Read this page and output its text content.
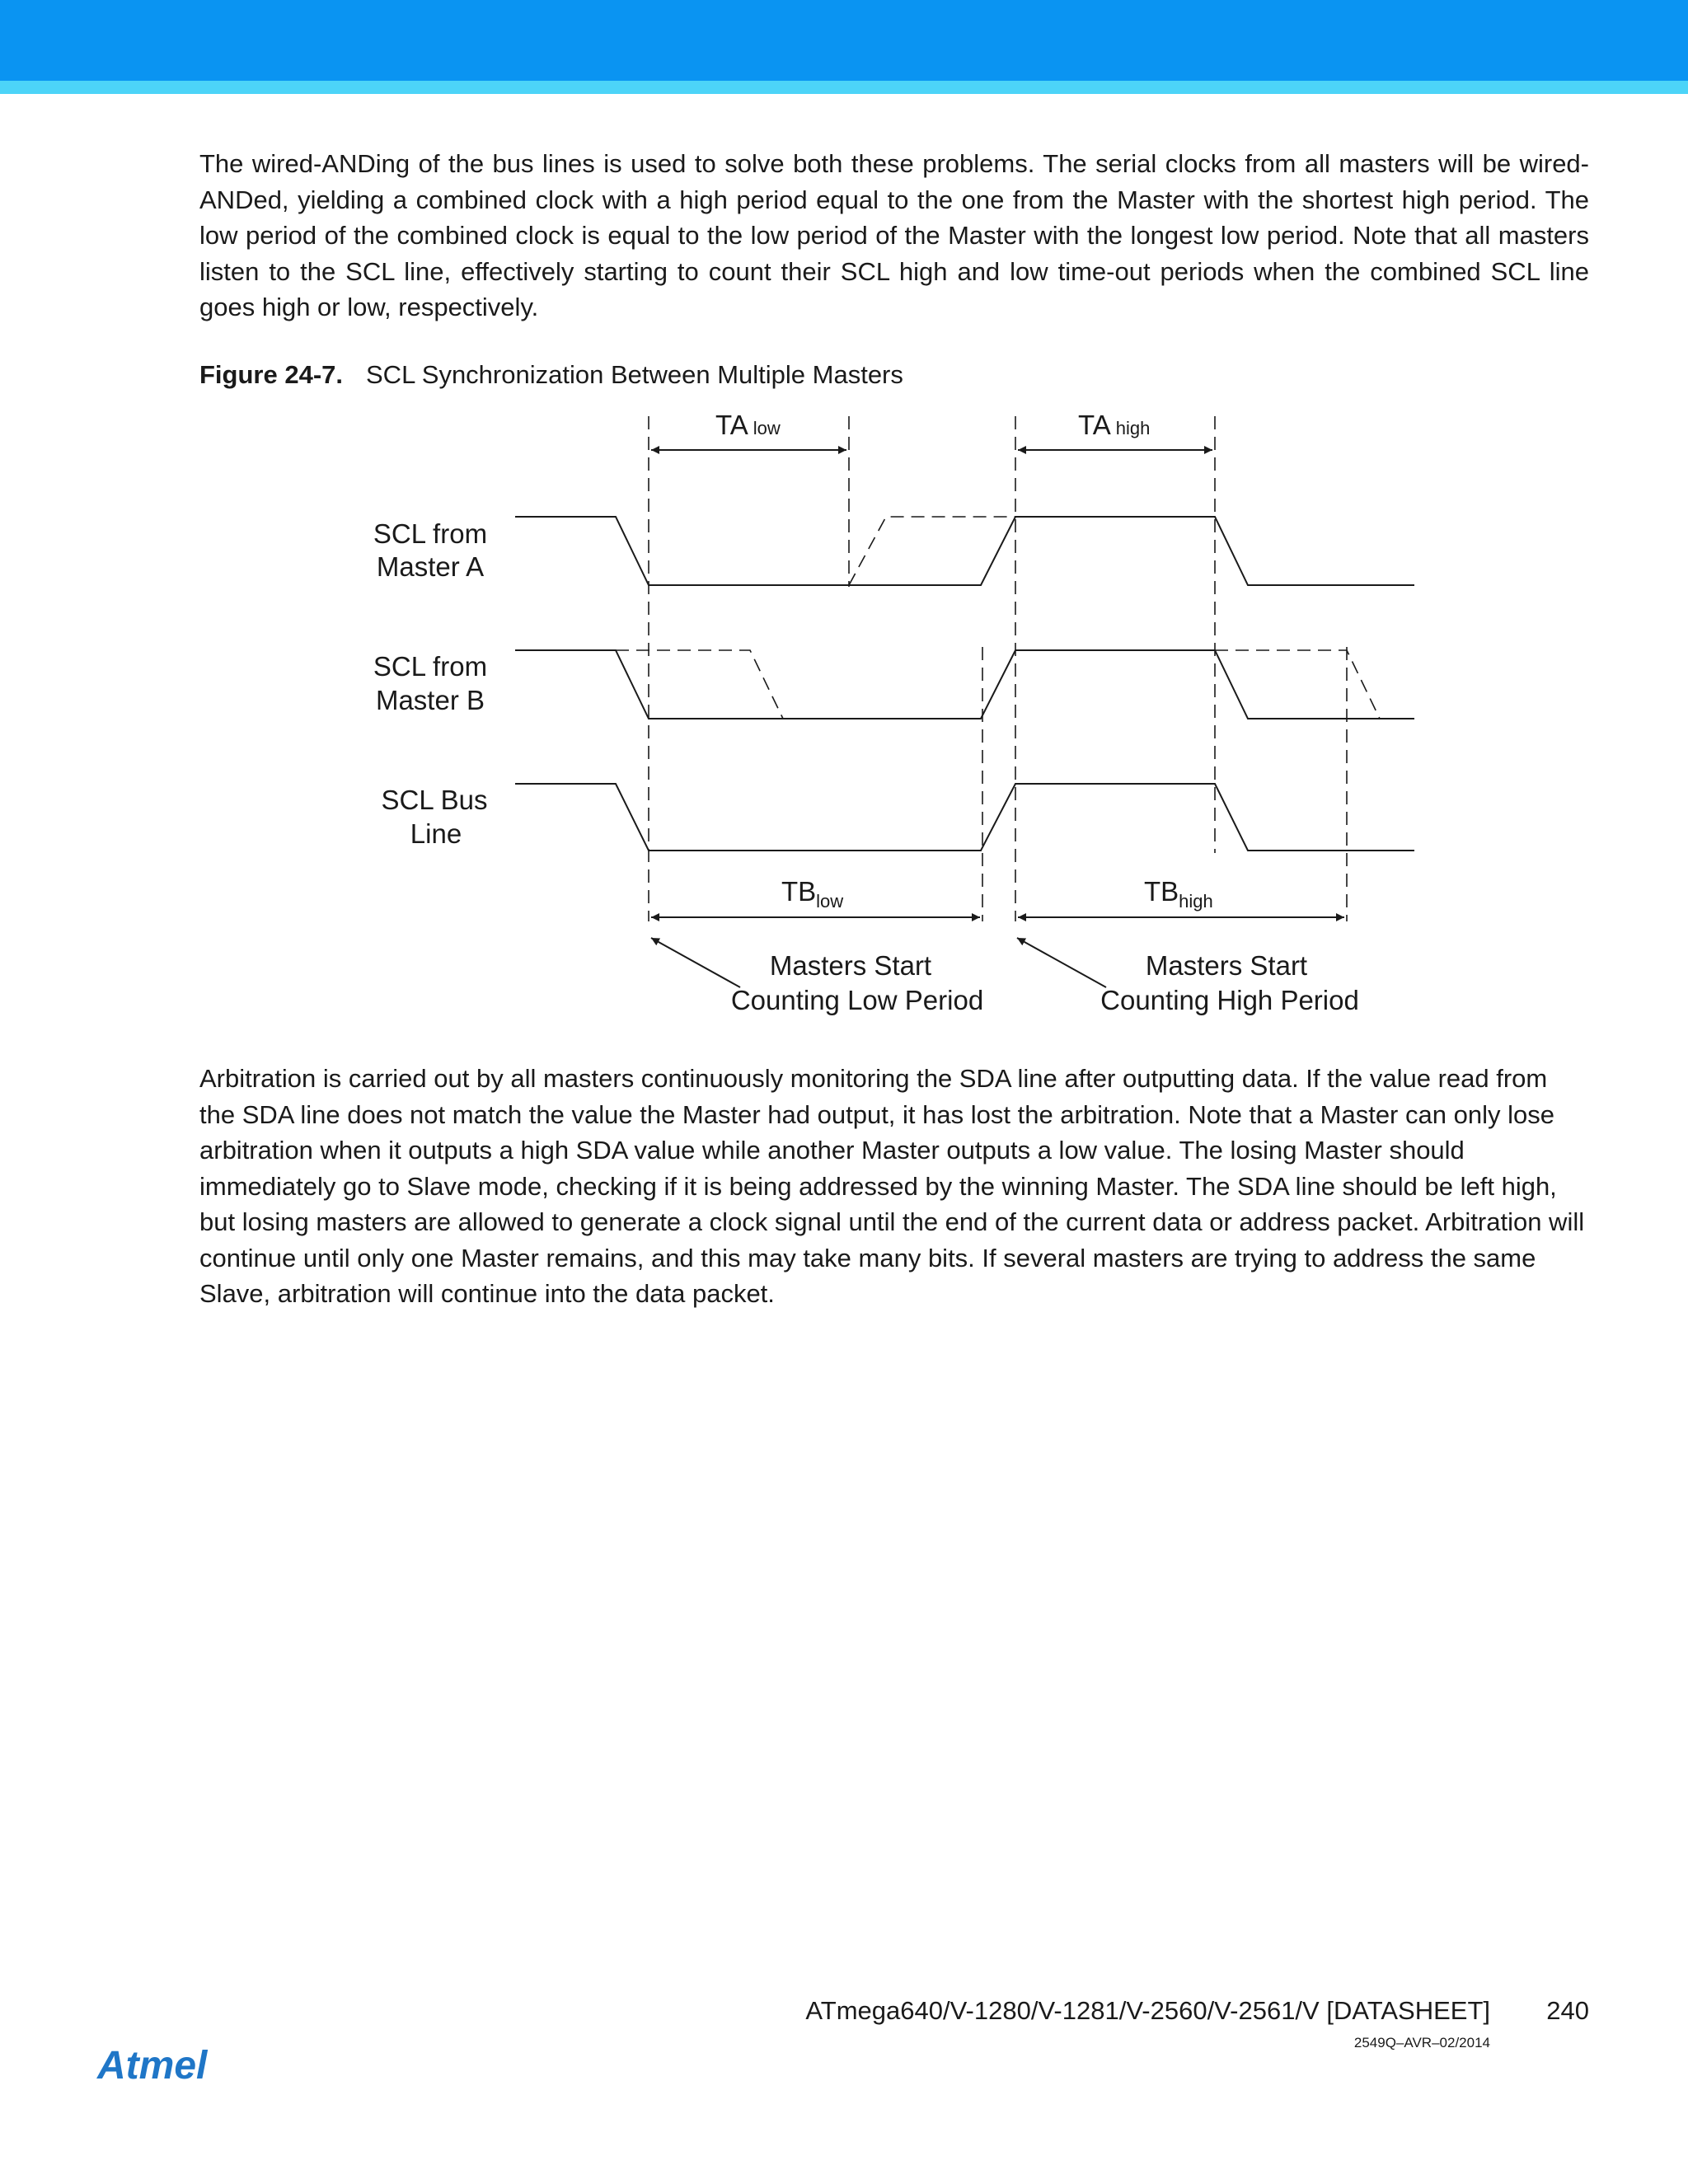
The wired-ANDing of the bus lines is used to solve both these problems. The serial clocks from all masters will be wired-ANDed, yielding a combined clock with a high period equal to the one from the Master with the shortest high period. The low period of the combined clock is equal to the low period of the Master with the longest low period. Note that all masters listen to the SCL line, effectively starting to count their SCL high and low time-out periods when the combined SCL line goes high or low, respectively.

Figure 24-7. SCL Synchronization Between Multiple Masters
SCL from
Master A
SCL from
Master B
SCL Bus
Line
TA low	TA high
$TB_{low}$	$TB_{high}$
Masters Start
Counting Low Period
Masters Start
Counting High Period

Arbitration is carried out by all masters continuously monitoring the SDA line after outputting data. If the value read from the SDA line does not match the value the Master had output, it has lost the arbitration. Note that a Master can only lose arbitration when it outputs a high SDA value while another Master outputs a low value. The losing Master should immediately go to Slave mode, checking if it is being addressed by the winning Master. The SDA line should be left high, but losing masters are allowed to generate a clock signal until the end of the current data or address packet. Arbitration will continue until only one Master remains, and this may take many bits. If several masters are trying to address the same Slave, arbitration will continue into the data packet.

Atmel
ATmega640/V-1280/V-1281/V-2560/V-2561/V [DATASHEET]	240
2549Q–AVR–02/2014
